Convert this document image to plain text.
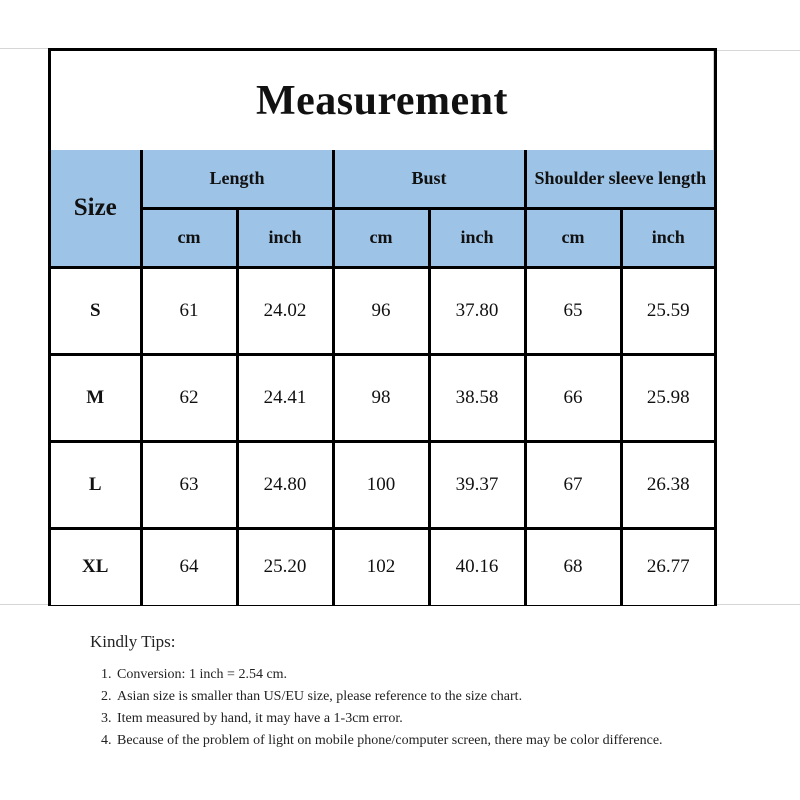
Measurement
Size	Length		Bust		Shoulder sleeve length	
	cm	inch	cm	inch	cm	inch
S	61	24.02	96	37.80	65	25.59
M	62	24.41	98	38.58	66	25.98
L	63	24.80	100	39.37	67	26.38
XL	64	25.20	102	40.16	68	26.77
Kindly Tips:
1. Conversion: 1 inch = 2.54 cm.
2. Asian size is smaller than US/EU size, please reference to the size chart.
3. Item measured by hand, it may have a 1-3cm error.
4. Because of the problem of light on mobile phone/computer screen, there may be color difference.
